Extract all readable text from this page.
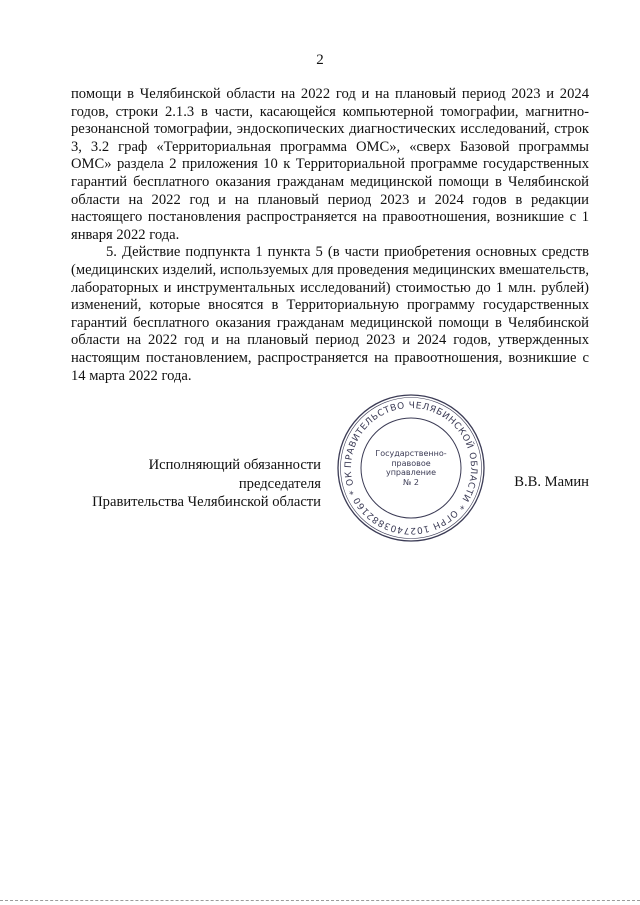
2

помощи в Челябинской области на 2022 год и на плановый период 2023 и 2024 годов, строки 2.1.3 в части, касающейся компьютерной томографии, магнитно-резонансной томографии, эндоскопических диагностических исследований, строк 3, 3.2 граф «Территориальная программа ОМС», «сверх Базовой программы ОМС» раздела 2 приложения 10 к Территориальной программе государственных гарантий бесплатного оказания гражданам медицинской помощи в Челябинской области на 2022 год и на плановый период 2023 и 2024 годов в редакции настоящего постановления распространяется на правоотношения, возникшие с 1 января 2022 года.

5. Действие подпункта 1 пункта 5 (в части приобретения основных средств (медицинских изделий, используемых для проведения медицинских вмешательств, лабораторных и инструментальных исследований) стоимостью до 1 млн. рублей) изменений, которые вносятся в Территориальную программу государственных гарантий бесплатного оказания гражданам медицинской помощи в Челябинской области на 2022 год и на плановый период 2023 и 2024 годов, утвержденных настоящим постановлением, распространяется на правоотношения, возникшие с 14 марта 2022 года.

Исполняющий обязанности председателя
Правительства Челябинской области
В.В. Мамин
ПРАВИТЕЛЬСТВО ЧЕЛЯБИНСКОЙ ОБЛАСТИ * ОГРН 1027403882160 * ОК
Государственно-
правовое
управление
№ 2
